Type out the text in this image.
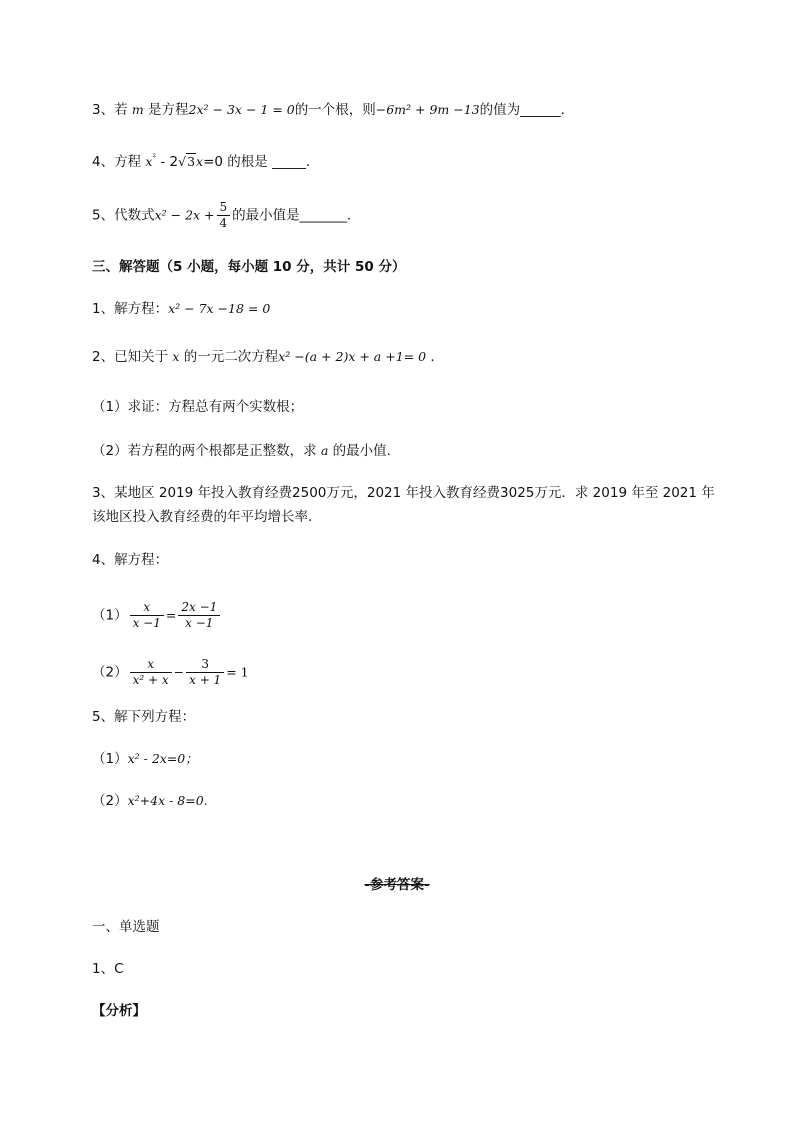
3、若 m 是方程2x² − 3x − 1 = 0的一个根，则−6m² + 9m −13的值为______.
4、方程 $x^{^2} - 2√3x=0$ 的根是 _____.
5、代数式$x^2 - 2x + \frac{5}{4}$ 的最小值是_______.
三、解答题（5 小题，每小题 10 分，共计 50 分）
1、解方程：x² − 7x −18 = 0
2、已知关于 x 的一元二次方程x² −(a + 2)x + a +1= 0 .
（1）求证：方程总有两个实数根；
（2）若方程的两个根都是正整数，求 a 的最小值.
3、某地区 2019 年投入教育经费2500万元，2021 年投入教育经费3025万元．求 2019 年至 2021 年
该地区投入教育经费的年平均增长率.
4、解方程：
$(1) \frac{x}{x -1} = \frac{2x -1}{x -1}$
$(2) \frac{x}{\text{x² + x}} - \frac{3}{x + 1} = 1$
5、解下列方程：
（1）x² - 2x=0；
（2）x²+4x - 8=0.
-参考答案-
一、单选题
1、C
【分析】
